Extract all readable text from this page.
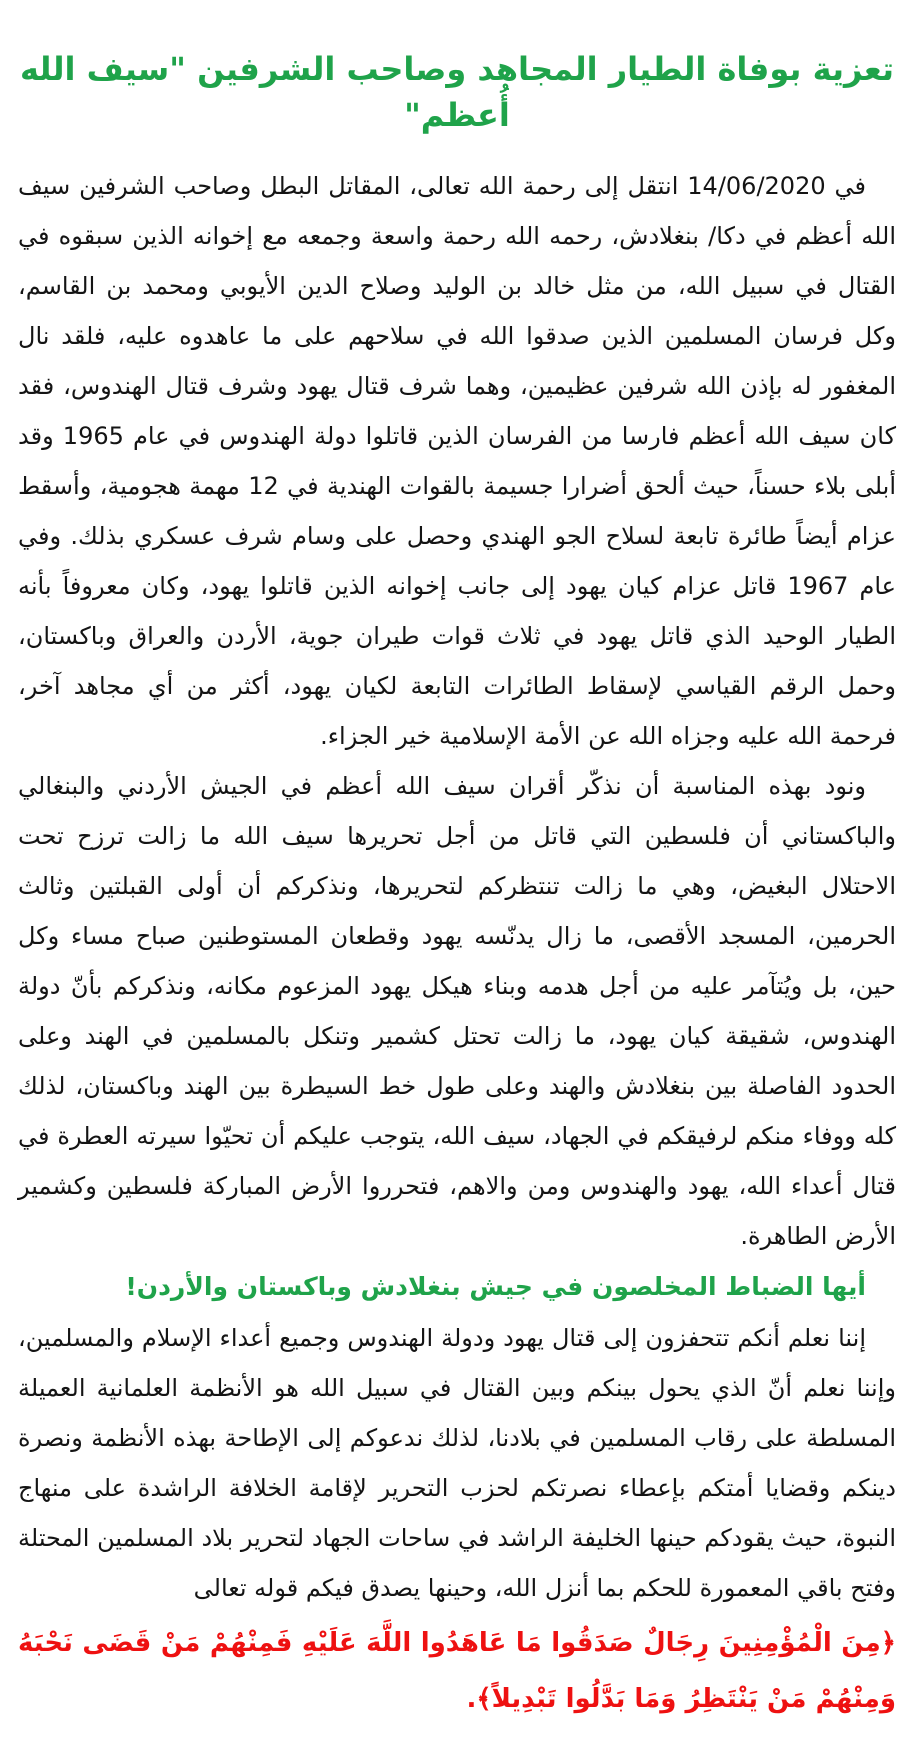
تعزية بوفاة الطيار المجاهد وصاحب الشرفين "سيف الله أُعظم"

في 14/06/2020 انتقل إلى رحمة الله تعالى، المقاتل البطل وصاحب الشرفين سيف الله أعظم في دكا/ بنغلادش، رحمه الله رحمة واسعة وجمعه مع إخوانه الذين سبقوه في القتال في سبيل الله، من مثل خالد بن الوليد وصلاح الدين الأيوبي ومحمد بن القاسم، وكل فرسان المسلمين الذين صدقوا الله في سلاحهم على ما عاهدوه عليه، فلقد نال المغفور له بإذن الله شرفين عظيمين، وهما شرف قتال يهود وشرف قتال الهندوس، فقد كان سيف الله أعظم فارسا من الفرسان الذين قاتلوا دولة الهندوس في عام 1965 وقد أبلى بلاء حسناً، حيث ألحق أضرارا جسيمة بالقوات الهندية في 12 مهمة هجومية، وأسقط عزام أيضاً طائرة تابعة لسلاح الجو الهندي وحصل على وسام شرف عسكري بذلك. وفي عام 1967 قاتل عزام كيان يهود إلى جانب إخوانه الذين قاتلوا يهود، وكان معروفاً بأنه الطيار الوحيد الذي قاتل يهود في ثلاث قوات طيران جوية، الأردن والعراق وباكستان، وحمل الرقم القياسي لإسقاط الطائرات التابعة لكيان يهود، أكثر من أي مجاهد آخر، فرحمة الله عليه وجزاه الله عن الأمة الإسلامية خير الجزاء.

ونود بهذه المناسبة أن نذكّر أقران سيف الله أعظم في الجيش الأردني والبنغالي والباكستاني أن فلسطين التي قاتل من أجل تحريرها سيف الله ما زالت ترزح تحت الاحتلال البغيض، وهي ما زالت تنتظركم لتحريرها، ونذكركم أن أولى القبلتين وثالث الحرمين، المسجد الأقصى، ما زال يدنّسه يهود وقطعان المستوطنين صباح مساء وكل حين، بل ويُتآمر عليه من أجل هدمه وبناء هيكل يهود المزعوم مكانه، ونذكركم بأنّ دولة الهندوس، شقيقة كيان يهود، ما زالت تحتل كشمير وتنكل بالمسلمين في الهند وعلى الحدود الفاصلة بين بنغلادش والهند وعلى طول خط السيطرة بين الهند وباكستان، لذلك كله ووفاء منكم لرفيقكم في الجهاد، سيف الله، يتوجب عليكم أن تحيّوا سيرته العطرة في قتال أعداء الله، يهود والهندوس ومن والاهم، فتحرروا الأرض المباركة فلسطين وكشمير الأرض الطاهرة.

أيها الضباط المخلصون في جيش بنغلادش وباكستان والأردن!

إننا نعلم أنكم تتحفزون إلى قتال يهود ودولة الهندوس وجميع أعداء الإسلام والمسلمين، وإننا نعلم أنّ الذي يحول بينكم وبين القتال في سبيل الله هو الأنظمة العلمانية العميلة المسلطة على رقاب المسلمين في بلادنا، لذلك ندعوكم إلى الإطاحة بهذه الأنظمة ونصرة دينكم وقضايا أمتكم بإعطاء نصرتكم لحزب التحرير لإقامة الخلافة الراشدة على منهاج النبوة، حيث يقودكم حينها الخليفة الراشد في ساحات الجهاد لتحرير بلاد المسلمين المحتلة وفتح باقي المعمورة للحكم بما أنزل الله، وحينها يصدق فيكم قوله تعالى

﴿مِنَ الْمُؤْمِنِينَ رِجَالٌ صَدَقُوا مَا عَاهَدُوا اللَّهَ عَلَيْهِ فَمِنْهُمْ مَنْ قَضَى نَحْبَهُ وَمِنْهُمْ مَنْ يَنْتَظِرُ وَمَا بَدَّلُوا تَبْدِيلاً﴾.
